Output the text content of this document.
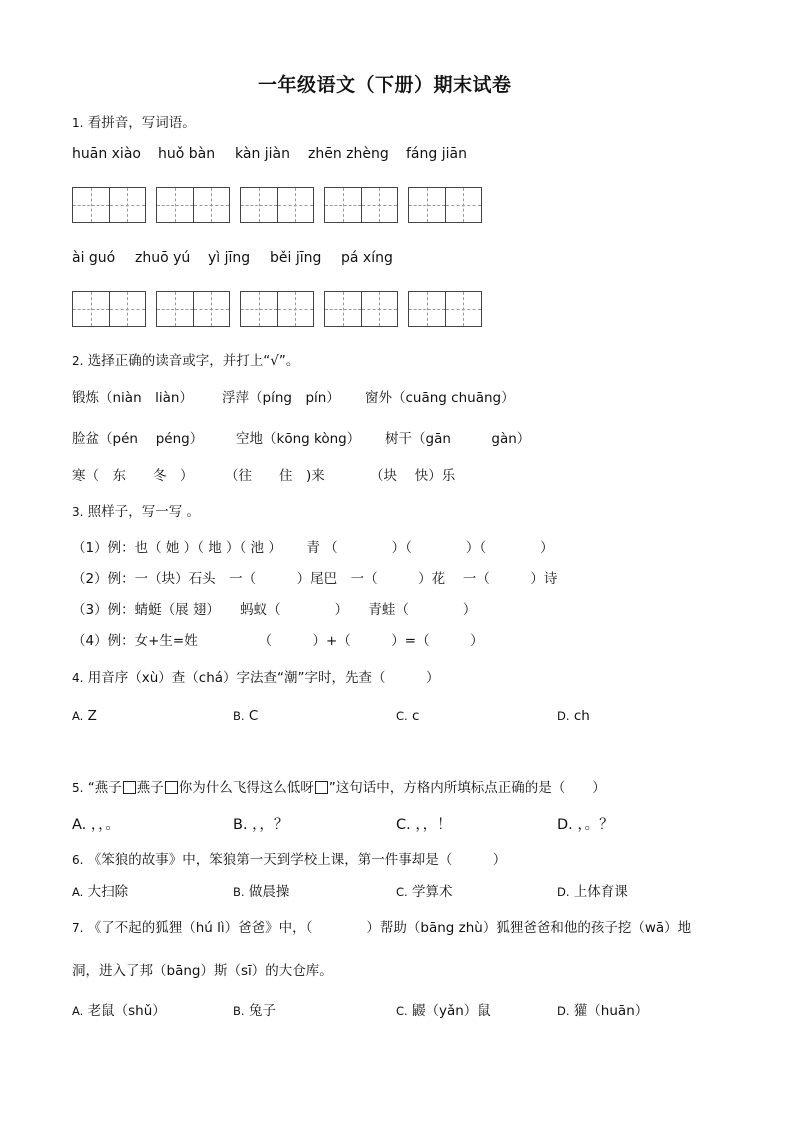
一年级语文（下册）期末试卷
1. 看拼音，写词语。
huān xiào huǒ bàn kàn jiàn zhēn zhèng fáng jiān
ài guó zhuō yú yì jīng běi jīng pá xíng
2. 选择正确的读音或字，并打上“√”。
锻炼（niàn　liàn） 浮萍（píng　pín） 窗外（cuāng chuāng）
脸盆（pén　 péng） 空地（kōng kòng） 树干（gān　　　gàn）
寒（　东　　冬　） （往　　住　)来	（块　 快）乐
3. 照样子，写一写 。
（1）例：也（ 她 ）（ 地 ）（ 池 ）　　 青 （　　　　）（　　　　）（　　　　）
（2）例：一（块）石头　一（　　　）尾巴　一（　　　）花　 一（　　　）诗
（3）例：蜻蜓（展 翅）　　蚂蚁（　　　　）　　青蛙（　　　　）
（4）例：女+生=姓　　　　　（　　　）+（　　　）=（　　　）
4. 用音序（xù）查（chá）字法查“潮”字时，先查（　　　）
A. Z	B. C	C. c	D. ch
5. “燕子 燕子 你为什么飞得这么低呀 ”这句话中，方格内所填标点正确的是（　　）
A. ，，。	B. ，，？	C. ，，！	D. ，。？
6. 《笨狼的故事》中，笨狼第一天到学校上课，第一件事却是（　　　）
A. 大扫除	B. 做晨操	C. 学算术	D. 上体育课
7. 《了不起的狐狸（hú lì）爸爸》中，（　　　　）帮助（bāng zhù）狐狸爸爸和他的孩子挖（wā）地
洞，进入了邦（bāng）斯（sī）的大仓库。
A. 老鼠（shǔ）	B. 兔子	C. 鼹（yǎn）鼠	D. 獾（huān）
